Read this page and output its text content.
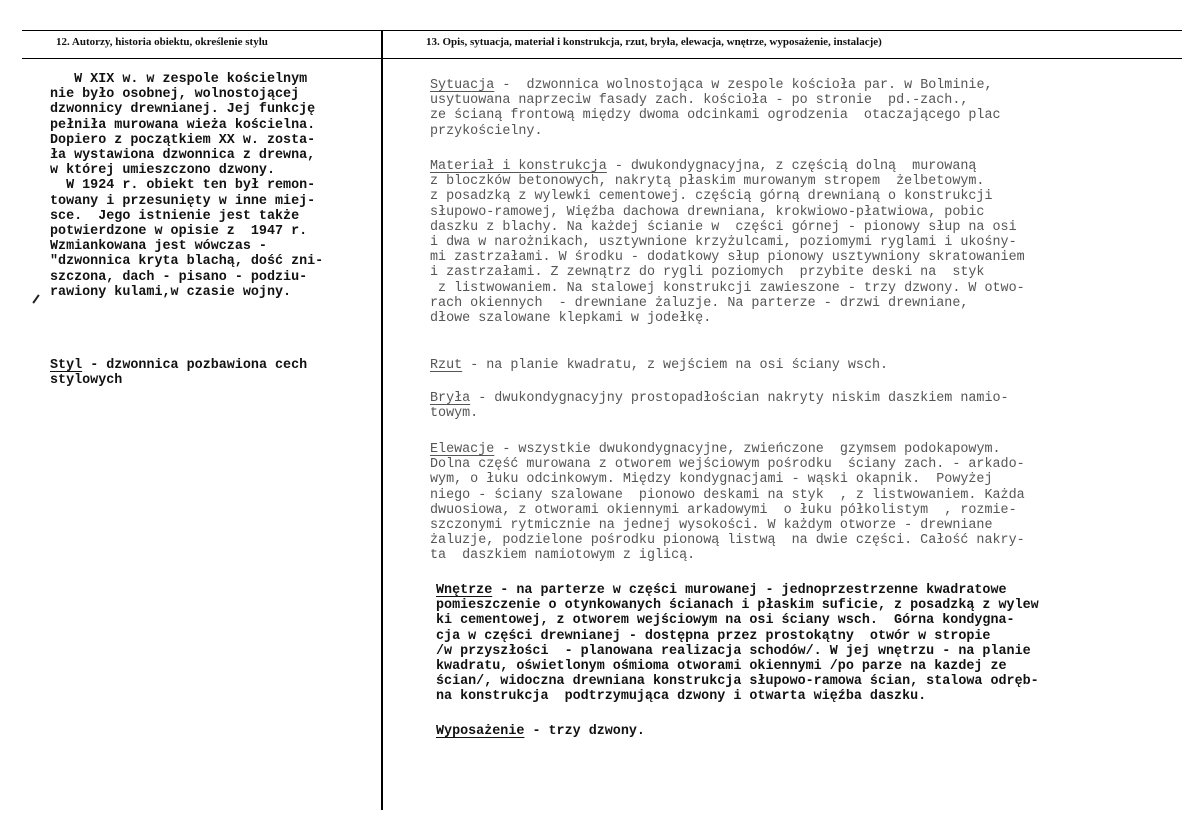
12. Autorzy, historia obiektu, określenie stylu	13. Opis, sytuacja, materiał i konstrukcja, rzut, bryła, elewacja, wnętrze, wyposażenie, instalacje)
W XIX w. w zespole kościelnym
nie było osobnej, wolnostojącej
dzwonnicy drewnianej. Jej funkcję
pełniła murowana wieża kościelna.
Dopiero z początkiem XX w. zosta-
ła wystawiona dzwonnica z drewna,
w której umieszczono dzwony.
W 1924 r. obiekt ten był remon-
towany i przesunięty w inne miej-
sce.  Jego istnienie jest także
potwierdzone w opisie z  1947 r.
Wzmiankowana jest wówczas -
"dzwonnica kryta blachą, dość zni-
szczona, dach - pisano - podziu-
rawiony kulami,w czasie wojny.
Styl - dzwonnica pozbawiona cech
stylowych
Sytuacja -  dzwonnica wolnostojąca w zespole kościoła par. w Bolminie,
usytuowana naprzeciw fasady zach. kościoła - po stronie  pd.-zach.,
ze ścianą frontową między dwoma odcinkami ogrodzenia  otaczającego plac
przykościelny.
Materiał i konstrukcja - dwukondygnacyjna, z częścią dolną  murowaną
z bloczków betonowych, nakrytą płaskim murowanym stropem  żelbetowym.
z posadzką z wylewki cementowej. częścią górną drewnianą o konstrukcji
słupowo-ramowej, Więźba dachowa drewniana, krokwiowo-płatwiowa, pobic
daszku z blachy. Na każdej ścianie w  części górnej - pionowy słup na osi
i dwa w narożnikach, usztywnione krzyżulcami, poziomymi ryglami i ukośny-
mi zastrzałami. W środku - dodatkowy słup pionowy usztywniony skratowaniem
i zastrzałami. Z zewnątrz do rygli poziomych  przybite deski na  styk
z listwowaniem. Na stalowej konstrukcji zawieszone - trzy dzwony. W otwo-
rach okiennych  - drewniane żaluzje. Na parterze - drzwi drewniane,
dłowe szalowane klepkami w jodełkę.
Rzut - na planie kwadratu, z wejściem na osi ściany wsch.
Bryła - dwukondygnacyjny prostopadłościan nakryty niskim daszkiem namio-
towym.
Elewacje - wszystkie dwukondygnacyjne, zwieńczone  gzymsem podokapowym.
Dolna część murowana z otworem wejściowym pośrodku  ściany zach. - arkado-
wym, o łuku odcinkowym. Między kondygnacjami - wąski okapnik.  Powyżej
niego - ściany szalowane  pionowo deskami na styk  , z listwowaniem. Każda
dwuosiowa, z otworami okiennymi arkadowymi  o łuku półkolistym  , rozmie-
szczonymi rytmicznie na jednej wysokości. W każdym otworze - drewniane
żaluzje, podzielone pośrodku pionową listwą  na dwie części. Całość nakry-
ta  daszkiem namiotowym z iglicą.
Wnętrze - na parterze w części murowanej - jednoprzestrzenne kwadratowe
pomieszczenie o otynkowanych ścianach i płaskim suficie, z posadzką z wylew
ki cementowej, z otworem wejściowym na osi ściany wsch.  Górna kondygna-
cja w części drewnianej - dostępna przez prostokątny  otwór w stropie
/w przyszłości  - planowana realizacja schodów/. W jej wnętrzu - na planie
kwadratu, oświetlonym ośmioma otworami okiennymi /po parze na kazdej ze
ścian/, widoczna drewniana konstrukcja słupowo-ramowa ścian, stalowa odręb-
na konstrukcja  podtrzymująca dzwony i otwarta więźba daszku.
Wyposażenie - trzy dzwony.
